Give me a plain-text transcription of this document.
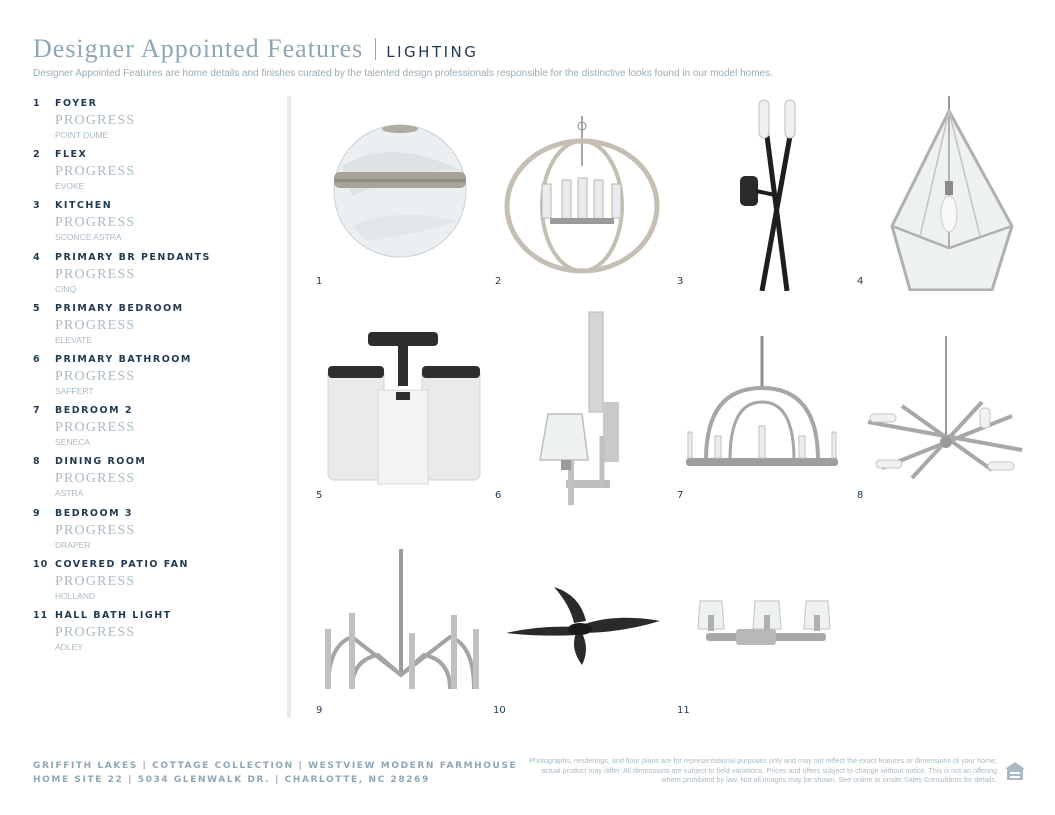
Designer Appointed Features LIGHTING
Designer Appointed Features are home details and finishes curated by the talented design professionals responsible for the distinctive looks found in our model homes.
1	FOYER
PROGRESS
POINT DUME
2	FLEX
PROGRESS
EVOKE
3	KITCHEN
PROGRESS
SCONCE ASTRA
4	PRIMARY BR PENDANTS
PROGRESS
CINQ
5	PRIMARY BEDROOM
PROGRESS
ELEVATE
6	PRIMARY BATHROOM
PROGRESS
SAFFERT
7	BEDROOM 2
PROGRESS
SENECA
8	DINING ROOM
PROGRESS
ASTRA
9	BEDROOM 3
PROGRESS
DRAPER
10 COVERED PATIO FAN
PROGRESS
HOLLAND
11 HALL BATH LIGHT
PROGRESS
ADLEY
1	2	3	4
5	6	7	8
9	10	11
GRIFFITH LAKES | COTTAGE COLLECTION | WESTVIEW MODERN FARMHOUSE
HOME SITE 22 | 5034 GLENWALK DR. | CHARLOTTE, NC 28269
Photographs, renderings, and floor plans are for representational purposes only and may not reflect the exact features or dimensions of your home; actual product may differ. All dimensions are subject to field variations. Prices and offers subject to change without notice. This is not an offering where prohibited by law. Not all images may be shown. See online or onsite Sales Consultants for details.
